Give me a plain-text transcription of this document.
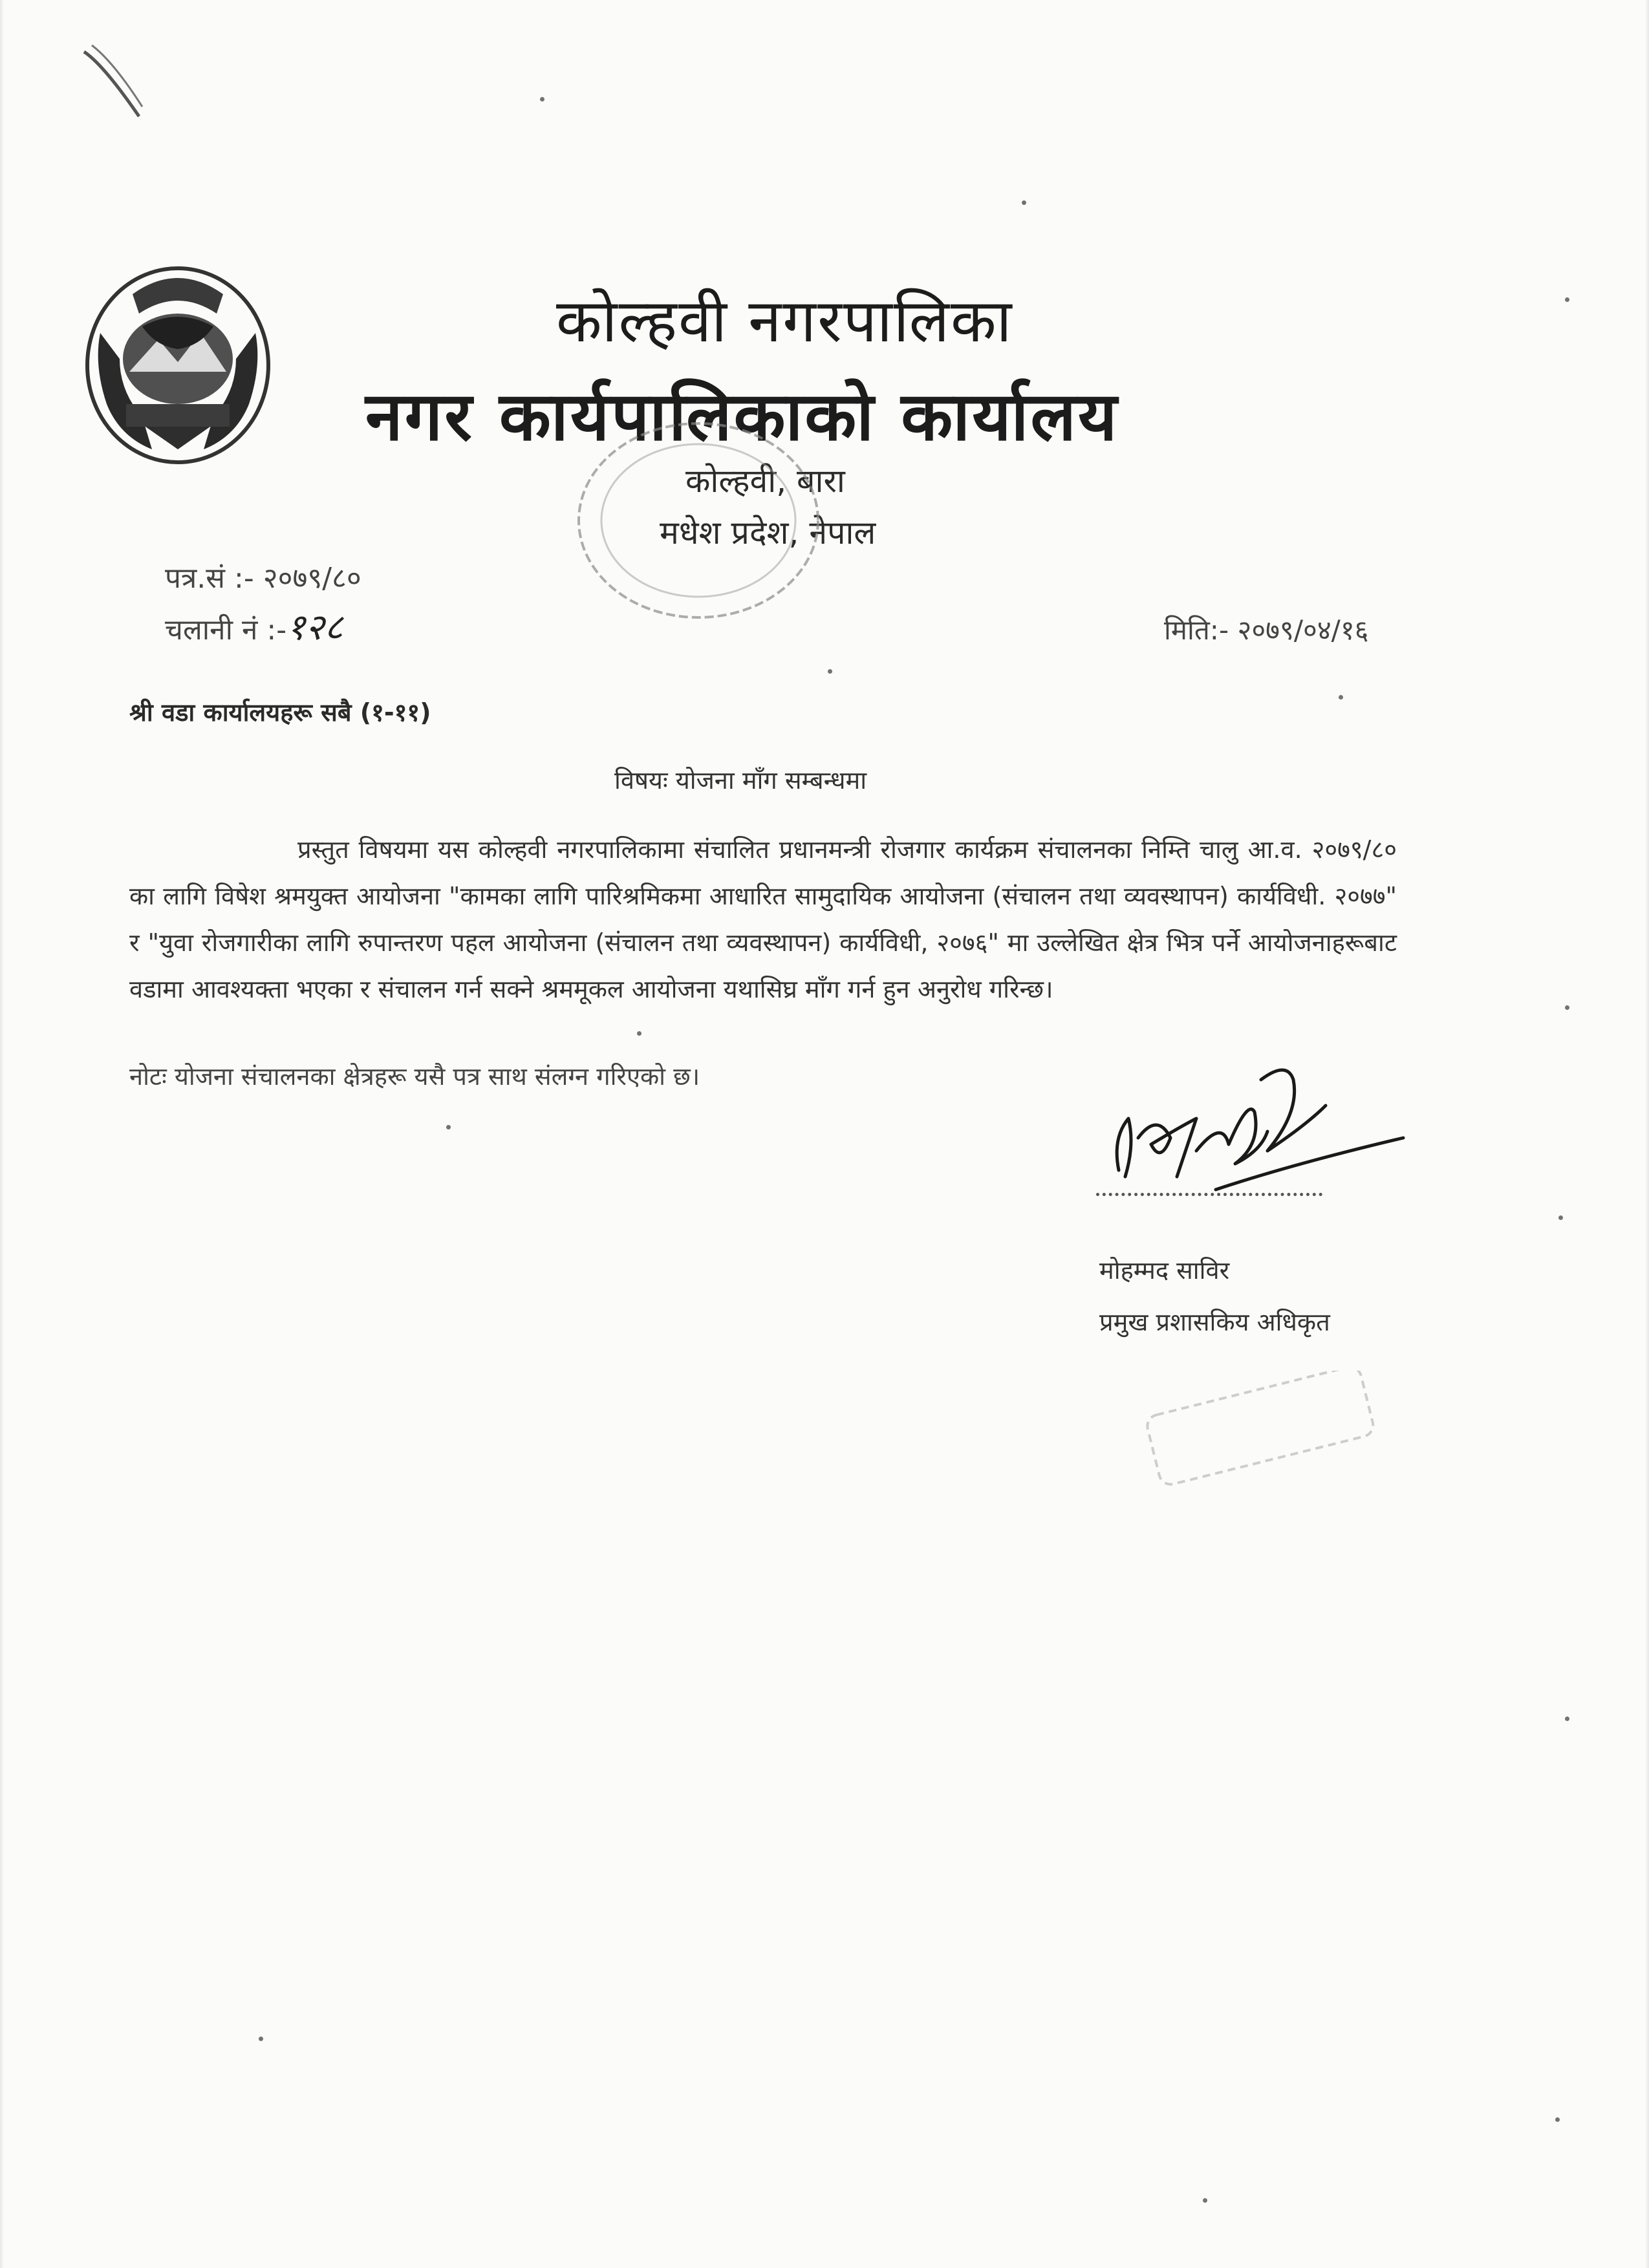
कोल्हवी नगरपालिका
नगर कार्यपालिकाको कार्यालय
कोल्हवी, बारा
मधेश प्रदेश, नेपाल
पत्र.सं :- २०७९/८०
चलानी नं :-१२८	मिति:- २०७९/०४/१६
श्री वडा कार्यालयहरू सबै (१-११)
विषयः योजना माँग सम्बन्धमा
प्रस्तुत विषयमा यस कोल्हवी नगरपालिकामा संचालित प्रधानमन्त्री रोजगार कार्यक्रम संचालनका निम्ति चालु आ.व. २०७९/८० का लागि विषेश श्रमयुक्त आयोजना "कामका लागि पारिश्रमिकमा आधारित सामुदायिक आयोजना (संचालन तथा व्यवस्थापन) कार्यविधी. २०७७" र "युवा रोजगारीका लागि रुपान्तरण पहल आयोजना (संचालन तथा व्यवस्थापन) कार्यविधी, २०७६" मा उल्लेखित क्षेत्र भित्र पर्ने आयोजनाहरूबाट वडामा आवश्यक्ता भएका र संचालन गर्न सक्ने श्रममूकल आयोजना यथासिघ्र माँग गर्न हुन अनुरोध गरिन्छ।
नोटः योजना संचालनका क्षेत्रहरू यसै पत्र साथ संलग्न गरिएको छ।
मोहम्मद साविर
प्रमुख प्रशासकिय अधिकृत
